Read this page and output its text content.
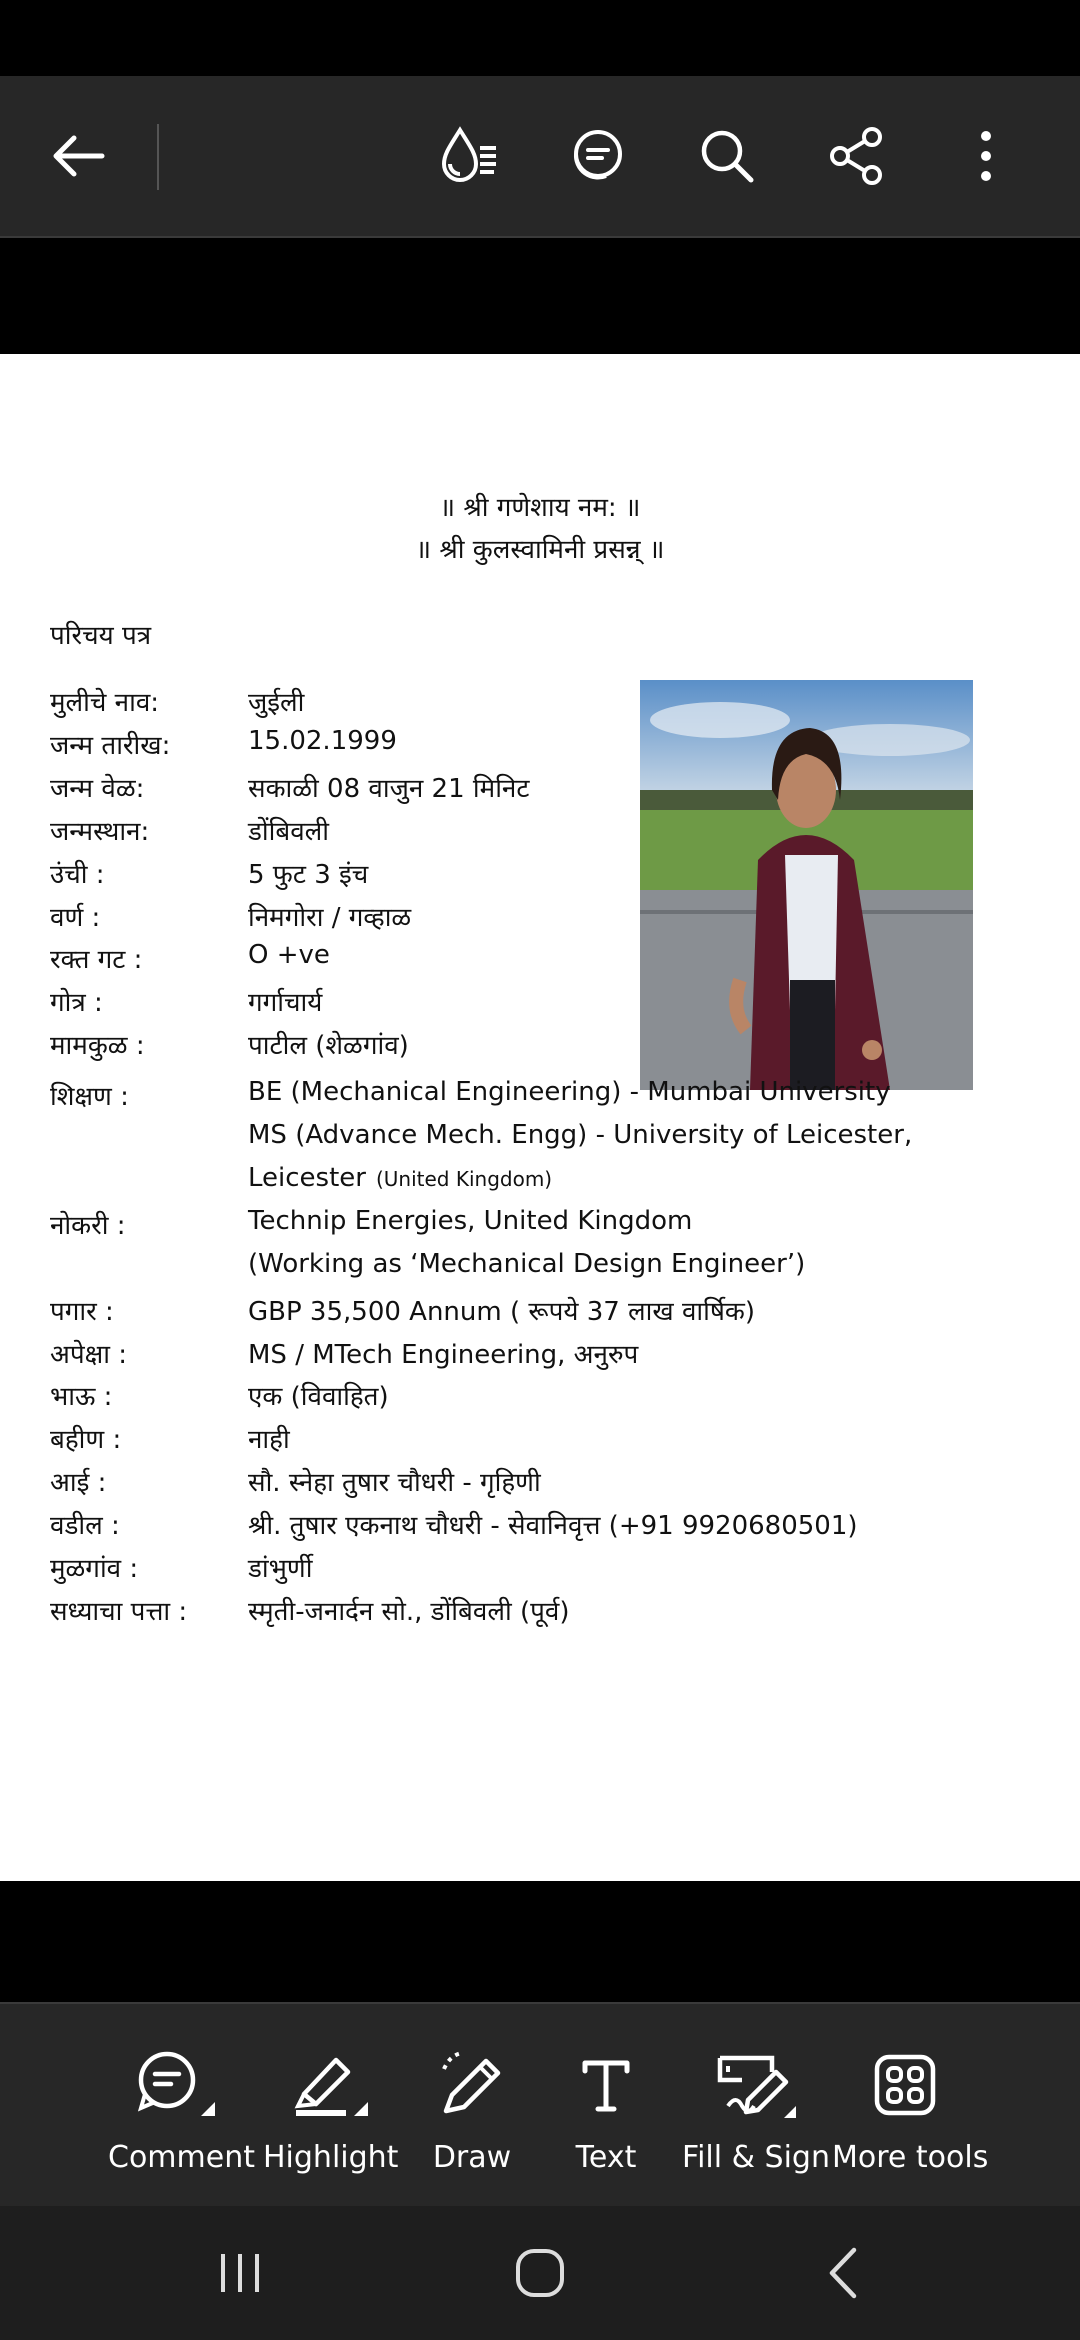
॥ श्री गणेशाय नम: ॥
॥ श्री कुलस्वामिनी प्रसन्न् ॥
परिचय पत्र
मुलीचे नाव:	जुईली
जन्म तारीख:	15.02.1999
जन्म वेळ:	सकाळी 08 वाजुन 21 मिनिट
जन्मस्थान:	डोंबिवली
उंची :	5 फुट 3 इंच
वर्ण :	निमगोरा / गव्हाळ
रक्त गट :	O +ve
गोत्र :	गर्गाचार्य
मामकुळ :	पाटील (शेळगांव)
शिक्षण :	BE (Mechanical Engineering) - Mumbai University
MS (Advance Mech. Engg) - University of Leicester,
Leicester (United Kingdom)
नोकरी :	Technip Energies, United Kingdom
(Working as ‘Mechanical Design Engineer’)
पगार :	GBP 35,500 Annum ( रूपये 37 लाख वार्षिक)
अपेक्षा :	MS / MTech Engineering, अनुरुप
भाऊ :	एक (विवाहित)
बहीण :	नाही
आई :	सौ. स्नेहा तुषार चौधरी - गृहिणी
वडील :	श्री. तुषार एकनाथ चौधरी - सेवानिवृत्त (+91 9920680501)
मुळगांव :	डांभुर्णी
सध्याचा पत्ता : स्मृती-जनार्दन सो., डोंबिवली (पूर्व)
Comment Highlight	Draw	Text	Fill & Sign More tools
